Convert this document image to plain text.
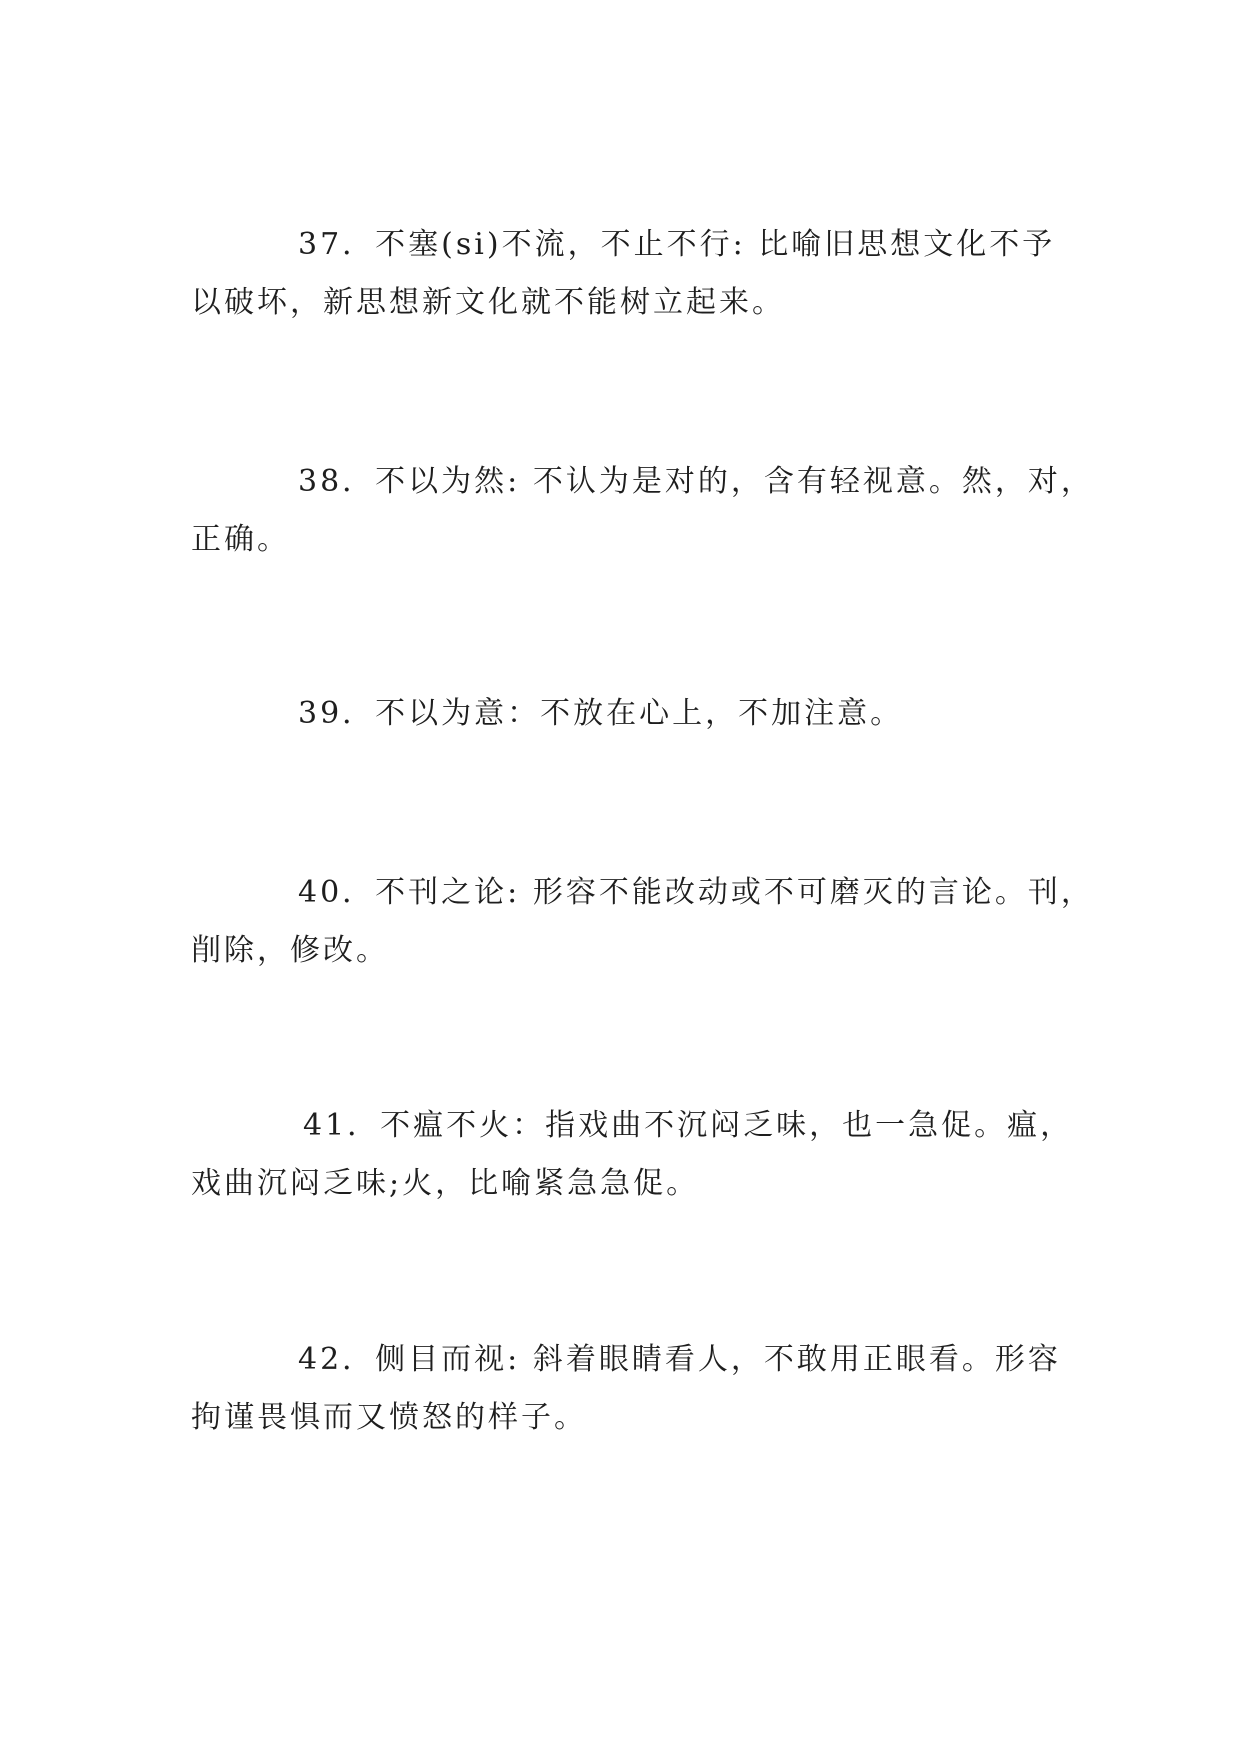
37．不塞(si)不流，不止不行: 比喻旧思想文化不予
以破坏，新思想新文化就不能树立起来。
38．不以为然: 不认为是对的，含有轻视意。然，对，
正确。
39．不以为意：不放在心上，不加注意。
40．不刊之论: 形容不能改动或不可磨灭的言论。刊，
削除，修改。
41．不瘟不火：指戏曲不沉闷乏味，也一急促。瘟，
戏曲沉闷乏味;火，比喻紧急急促。
42．侧目而视: 斜着眼睛看人，不敢用正眼看。形容
拘谨畏惧而又愤怒的样子。
